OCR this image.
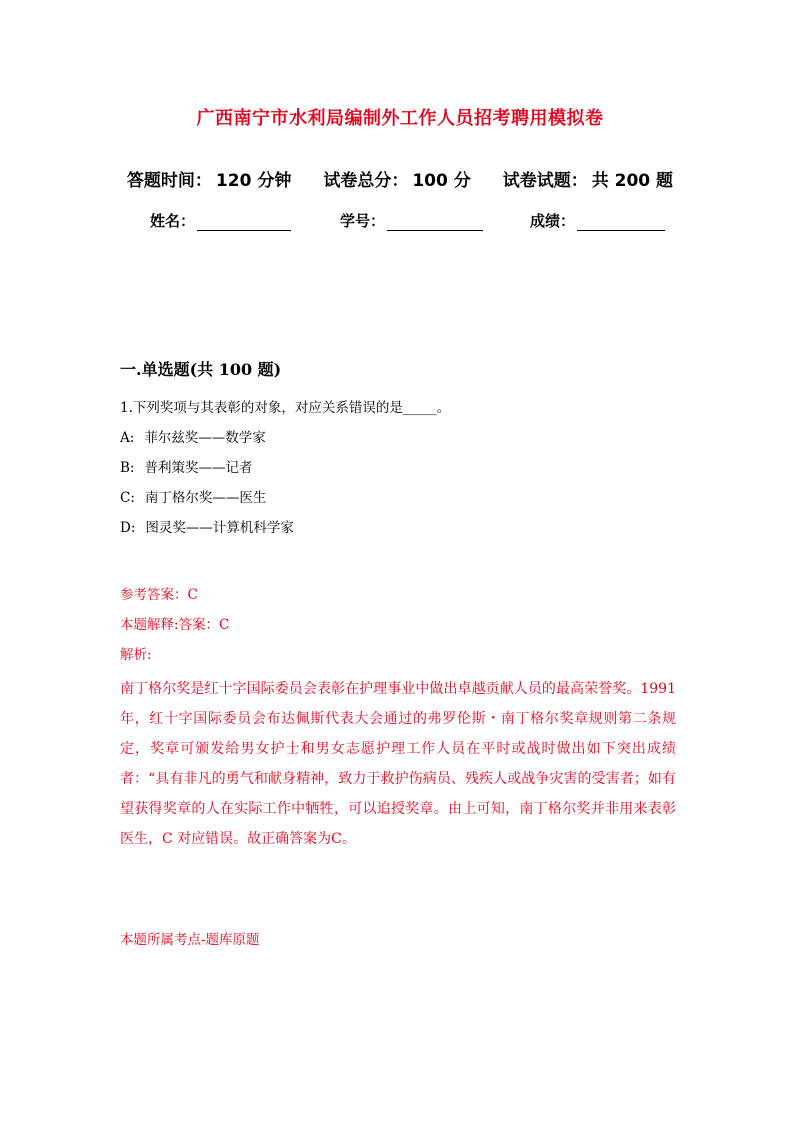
广西南宁市水利局编制外工作人员招考聘用模拟卷
答题时间： 120 分钟 试卷总分： 100 分 试卷试题： 共 200 题
姓名：	学号：	成绩：
一.单选题(共 100 题)
1.下列奖项与其表彰的对象，对应关系错误的是_____。
A: 菲尔兹奖——数学家
B: 普利策奖——记者
C: 南丁格尔奖——医生
D: 图灵奖——计算机科学家
参考答案：C
本题解释:答案：C
解析:
南丁格尔奖是红十字国际委员会表彰在护理事业中做出卓越贡献人员的最高荣誉奖。1991 年，红十字国际委员会布达佩斯代表大会通过的弗罗伦斯・南丁格尔奖章规则第二条规定，奖章可颁发给男女护士和男女志愿护理工作人员在平时或战时做出如下突出成绩者：“具有非凡的勇气和献身精神，致力于救护伤病员、残疾人或战争灾害的受害者；如有望获得奖章的人在实际工作中牺牲，可以追授奖章。由上可知，南丁格尔奖并非用来表彰医生，C 对应错误。故正确答案为C。
本题所属考点-题库原题
